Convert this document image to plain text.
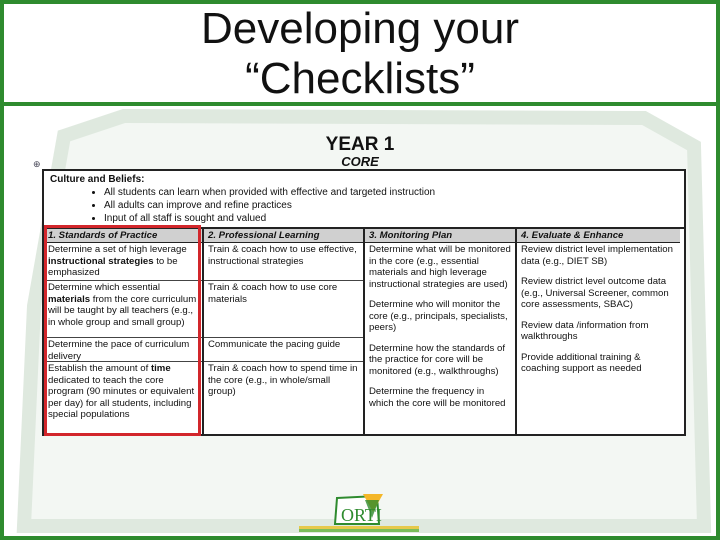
Developing your
“Checklists”
YEAR 1
CORE
⊕
Culture and Beliefs:
• All students can learn when provided with effective and targeted instruction
• All adults can improve and refine practices
• Input of all staff is sought and valued
1. Standards of Practice
Determine a set of high leverage instructional strategies to be emphasized
Determine which essential materials from the core curriculum will be taught by all teachers (e.g., in whole group and small group)
Determine the pace of curriculum delivery
Establish the amount of time dedicated to teach the core program (90 minutes or equivalent per day) for all students, including special populations
2. Professional Learning
Train & coach how to use effective, instructional strategies
Train & coach how to use core materials
Communicate the pacing guide
Train & coach how to spend time in the core (e.g., in whole/small group)
3. Monitoring Plan
Determine what will be monitored in the core (e.g., essential materials and high leverage instructional strategies are used)
Determine who will monitor the core (e.g., principals, specialists, peers)
Determine how the standards of the practice for core will be monitored (e.g., walkthroughs)
Determine the frequency in which the core will be monitored
4. Evaluate & Enhance
Review district level implementation data (e.g., DIET SB)
Review district level outcome data (e.g., Universal Screener, common core assessments, SBAC)
Review data /information from walkthroughs
Provide additional training & coaching support as needed
ORTI
